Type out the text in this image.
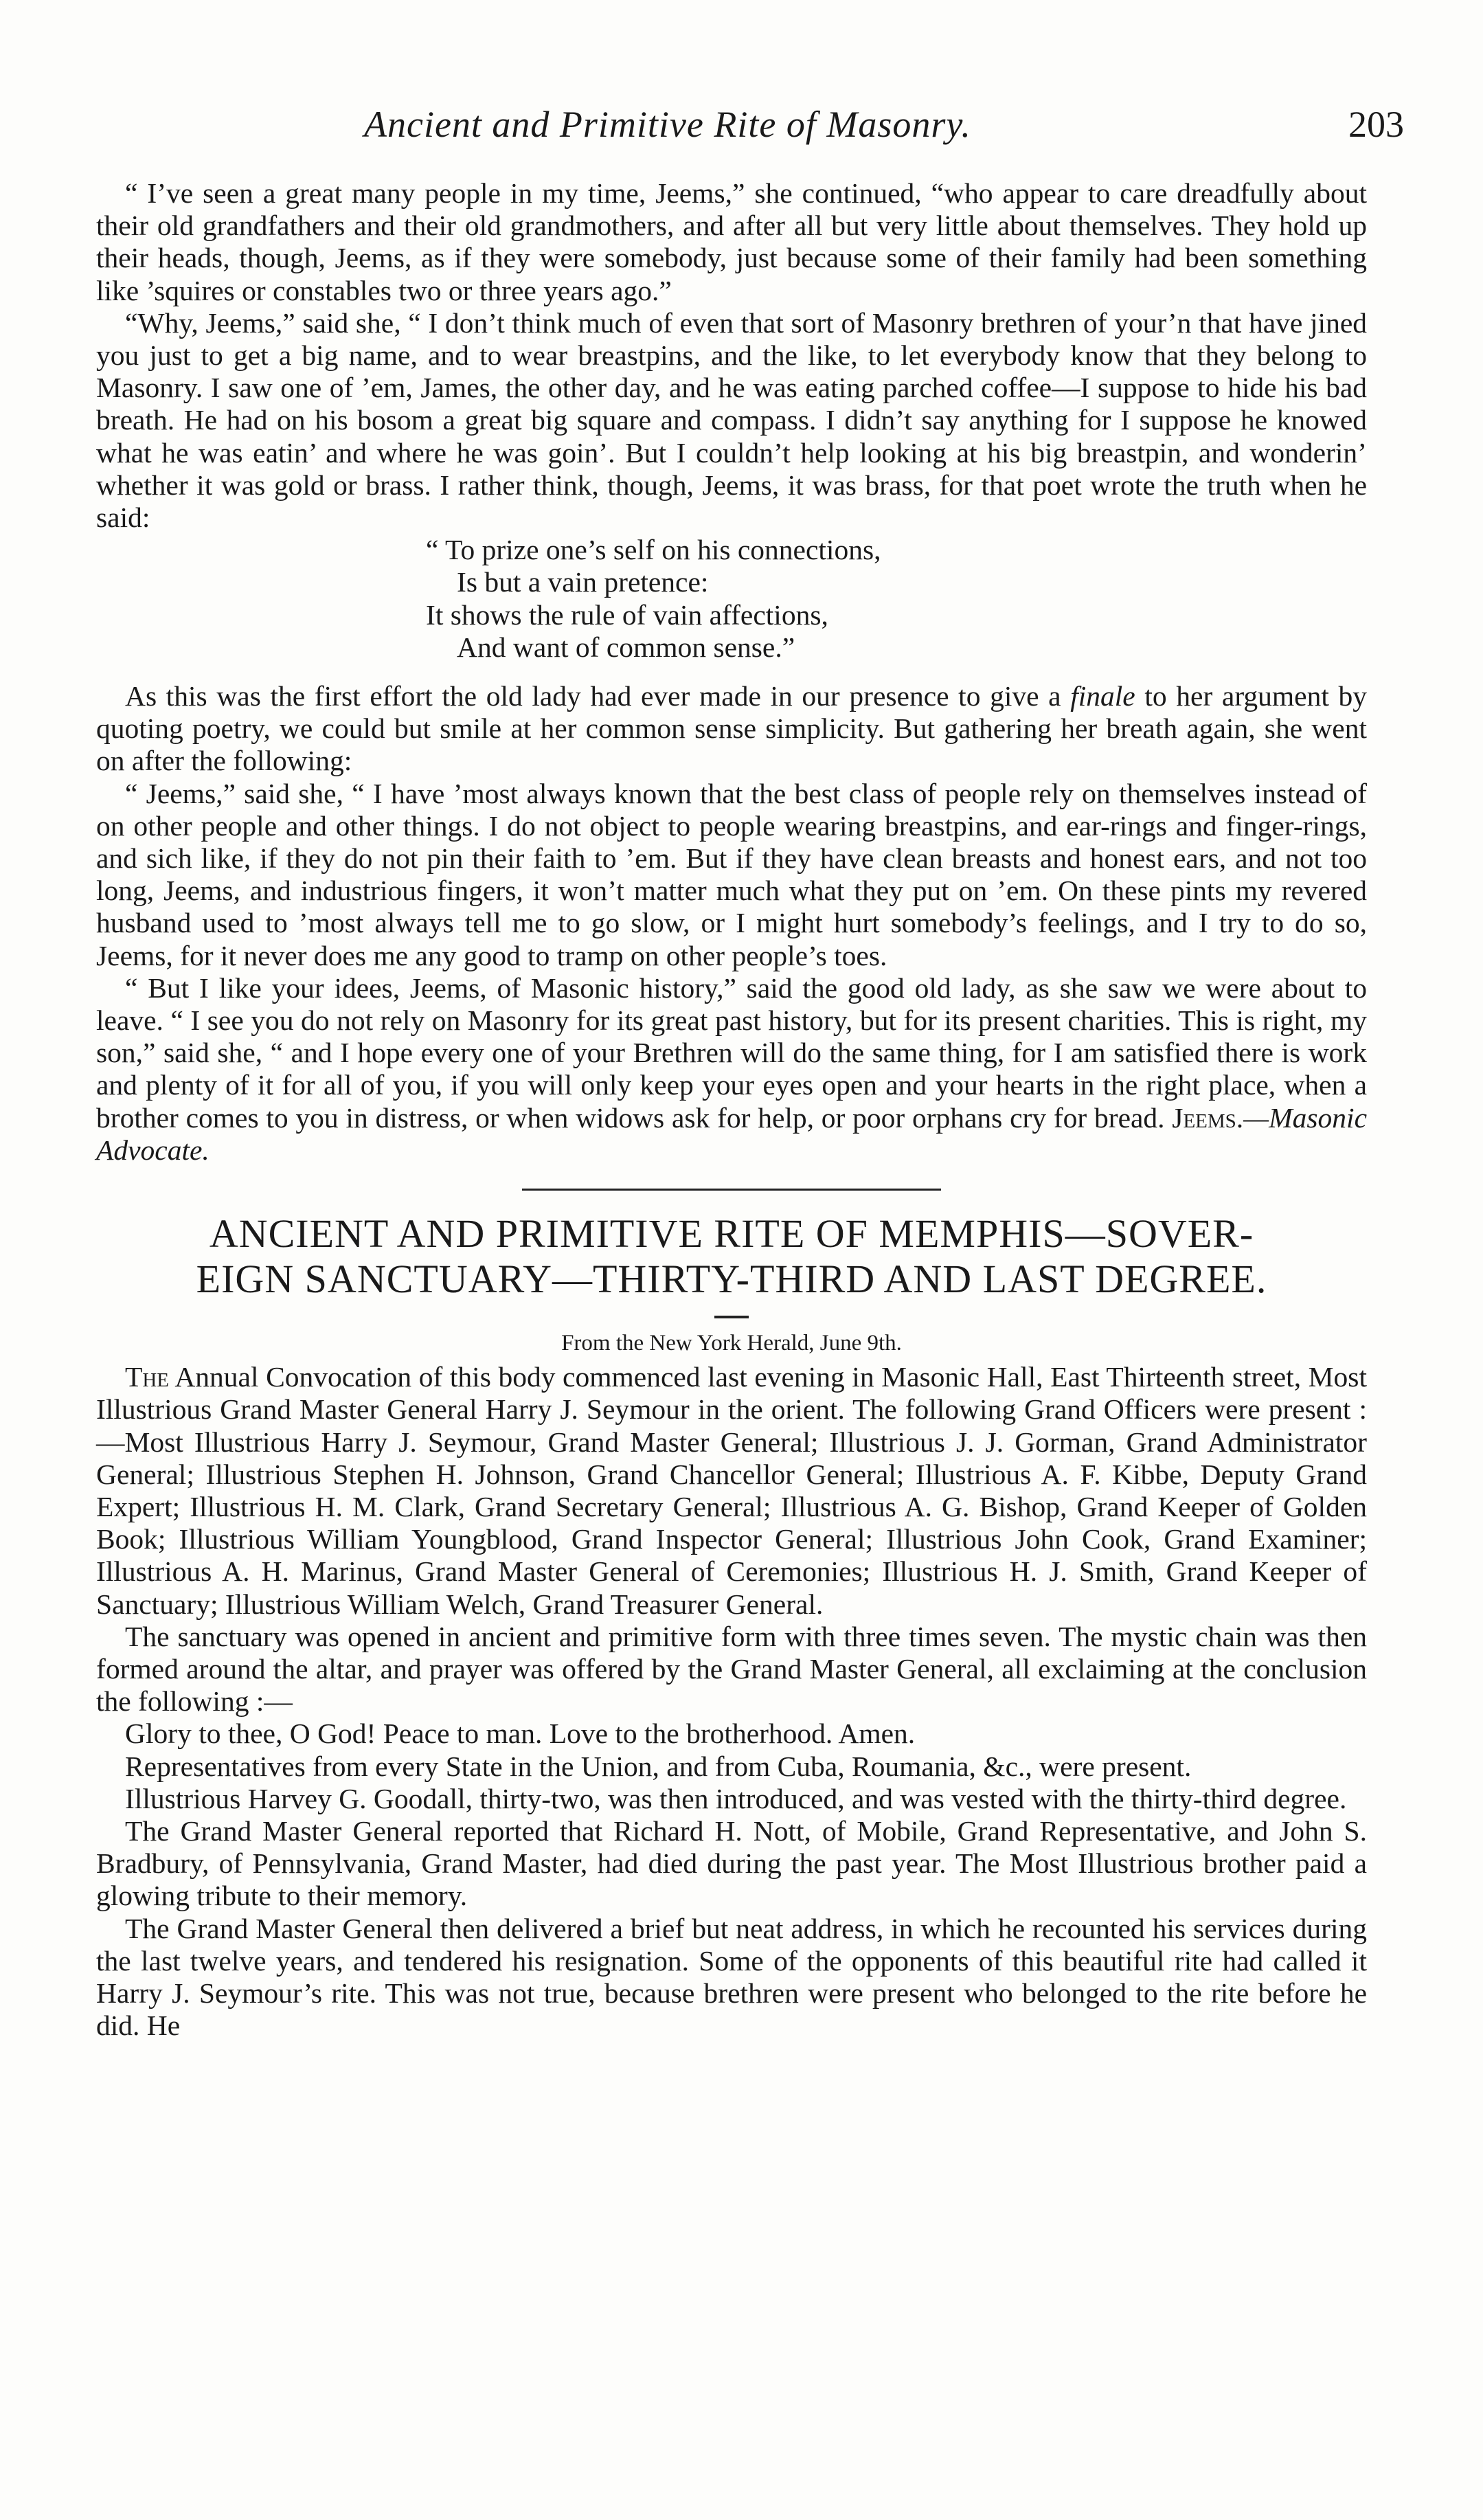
Ancient and Primitive Rite of Masonry.	203

“ I’ve seen a great many people in my time, Jeems,” she continued, “who appear to care dreadfully about their old grandfathers and their old grandmothers, and after all but very little about themselves. They hold up their heads, though, Jeems, as if they were somebody, just because some of their family had been something like ’squires or constables two or three years ago.”

“Why, Jeems,” said she, “ I don’t think much of even that sort of Masonry brethren of your’n that have jined you just to get a big name, and to wear breastpins, and the like, to let everybody know that they belong to Masonry. I saw one of ’em, James, the other day, and he was eating parched coffee—I suppose to hide his bad breath. He had on his bosom a great big square and compass. I didn’t say anything for I suppose he knowed what he was eatin’ and where he was goin’. But I couldn’t help looking at his big breastpin, and wonderin’ whether it was gold or brass. I rather think, though, Jeems, it was brass, for that poet wrote the truth when he said:

“ To prize one’s self on his connections,
Is but a vain pretence:
It shows the rule of vain affections,
And want of common sense.”

As this was the first effort the old lady had ever made in our presence to give a finale to her argument by quoting poetry, we could but smile at her common sense simplicity. But gathering her breath again, she went on after the following:

“ Jeems,” said she, “ I have ’most always known that the best class of people rely on themselves instead of on other people and other things. I do not object to people wearing breastpins, and ear-rings and finger-rings, and sich like, if they do not pin their faith to ’em. But if they have clean breasts and honest ears, and not too long, Jeems, and industrious fingers, it won’t matter much what they put on ’em. On these pints my revered husband used to ’most always tell me to go slow, or I might hurt somebody’s feelings, and I try to do so, Jeems, for it never does me any good to tramp on other people’s toes.

“ But I like your idees, Jeems, of Masonic history,” said the good old lady, as she saw we were about to leave. “ I see you do not rely on Masonry for its great past history, but for its present charities. This is right, my son,” said she, “ and I hope every one of your Brethren will do the same thing, for I am satisfied there is work and plenty of it for all of you, if you will only keep your eyes open and your hearts in the right place, when a brother comes to you in distress, or when widows ask for help, or poor orphans cry for bread. Jeems.—Masonic Advocate.

ANCIENT AND PRIMITIVE RITE OF MEMPHIS—SOVER-
EIGN SANCTUARY—THIRTY-THIRD AND LAST DEGREE.

From the New York Herald, June 9th.

The Annual Convocation of this body commenced last evening in Masonic Hall, East Thirteenth street, Most Illustrious Grand Master General Harry J. Seymour in the orient. The following Grand Officers were present :—Most Illustrious Harry J. Seymour, Grand Master General; Illustrious J. J. Gorman, Grand Administrator General; Illustrious Stephen H. Johnson, Grand Chancellor General; Illustrious A. F. Kibbe, Deputy Grand Expert; Illustrious H. M. Clark, Grand Secretary General; Illustrious A. G. Bishop, Grand Keeper of Golden Book; Illustrious William Youngblood, Grand Inspector General; Illustrious John Cook, Grand Examiner; Illustrious A. H. Marinus, Grand Master General of Ceremonies; Illustrious H. J. Smith, Grand Keeper of Sanctuary; Illustrious William Welch, Grand Treasurer General.

The sanctuary was opened in ancient and primitive form with three times seven. The mystic chain was then formed around the altar, and prayer was offered by the Grand Master General, all exclaiming at the conclusion the following :—

Glory to thee, O God! Peace to man. Love to the brotherhood. Amen.

Representatives from every State in the Union, and from Cuba, Roumania, &c., were present.

Illustrious Harvey G. Goodall, thirty-two, was then introduced, and was vested with the thirty-third degree.

The Grand Master General reported that Richard H. Nott, of Mobile, Grand Representative, and John S. Bradbury, of Pennsylvania, Grand Master, had died during the past year. The Most Illustrious brother paid a glowing tribute to their memory.

The Grand Master General then delivered a brief but neat address, in which he recounted his services during the last twelve years, and tendered his resignation. Some of the opponents of this beautiful rite had called it Harry J. Seymour’s rite. This was not true, because brethren were present who belonged to the rite before he did. He
